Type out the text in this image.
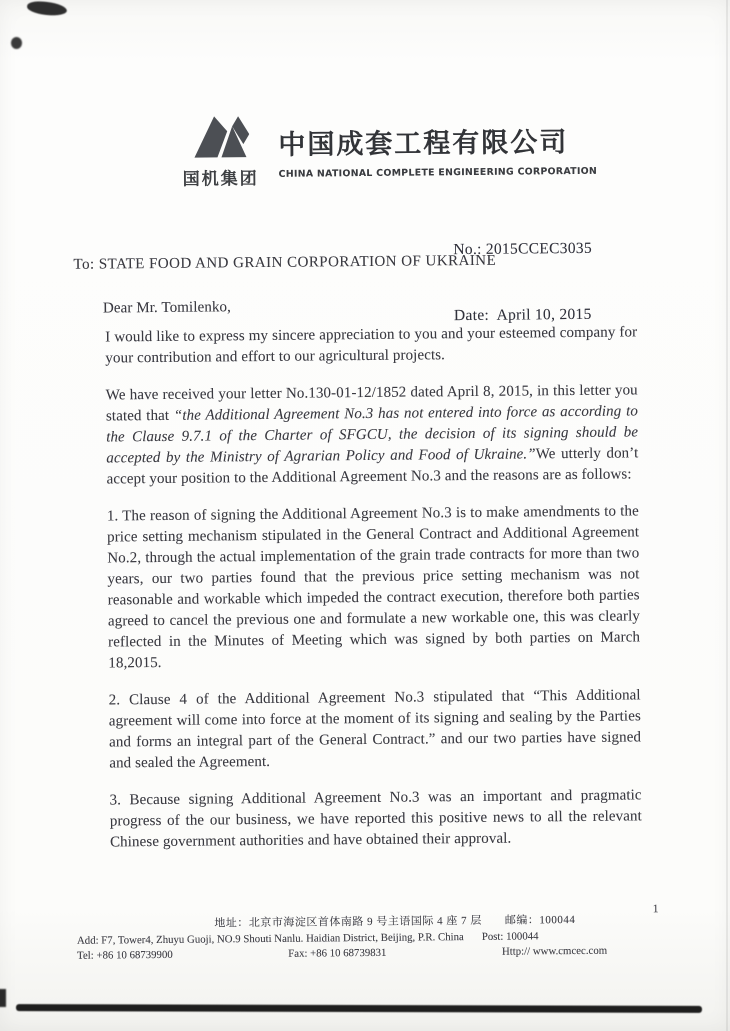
国机集团
中国成套工程有限公司
CHINA NATIONAL COMPLETE ENGINEERING CORPORATION

No.: 2015CCEC3035

Date:  April 10, 2015

To: STATE FOOD AND GRAIN CORPORATION OF UKRAINE

Dear Mr. Tomilenko,

I would like to express my sincere appreciation to you and your esteemed company for your contribution and effort to our agricultural projects.

We have received your letter No.130-01-12/1852 dated April 8, 2015, in this letter you stated that “the Additional Agreement No.3 has not entered into force as according to the Clause 9.7.1 of the Charter of SFGCU, the decision of its signing should be accepted by the Ministry of Agrarian Policy and Food of Ukraine.”We utterly don’t accept your position to the Additional Agreement No.3 and the reasons are as follows:

1. The reason of signing the Additional Agreement No.3 is to make amendments to the price setting mechanism stipulated in the General Contract and Additional Agreement No.2, through the actual implementation of the grain trade contracts for more than two years, our two parties found that the previous price setting mechanism was not reasonable and workable which impeded the contract execution, therefore both parties agreed to cancel the previous one and formulate a new workable one, this was clearly reflected in the Minutes of Meeting which was signed by both parties on March 18,2015.

2. Clause 4 of the Additional Agreement No.3 stipulated that “This Additional agreement will come into force at the moment of its signing and sealing by the Parties and forms an integral part of the General Contract.” and our two parties have signed and sealed the Agreement.

3. Because signing Additional Agreement No.3 was an important and pragmatic progress of the our business, we have reported this positive news to all the relevant Chinese government authorities and have obtained their approval.

1
地址：北京市海淀区首体南路 9 号主语国际 4 座 7 层　　邮编：100044
Add: F7, Tower4, Zhuyu Guoji, NO.9 Shouti Nanlu. Haidian District, Beijing, P.R. China Post: 100044
Tel: +86 10 68739900	Fax: +86 10 68739831	Http:// www.cmcec.com
